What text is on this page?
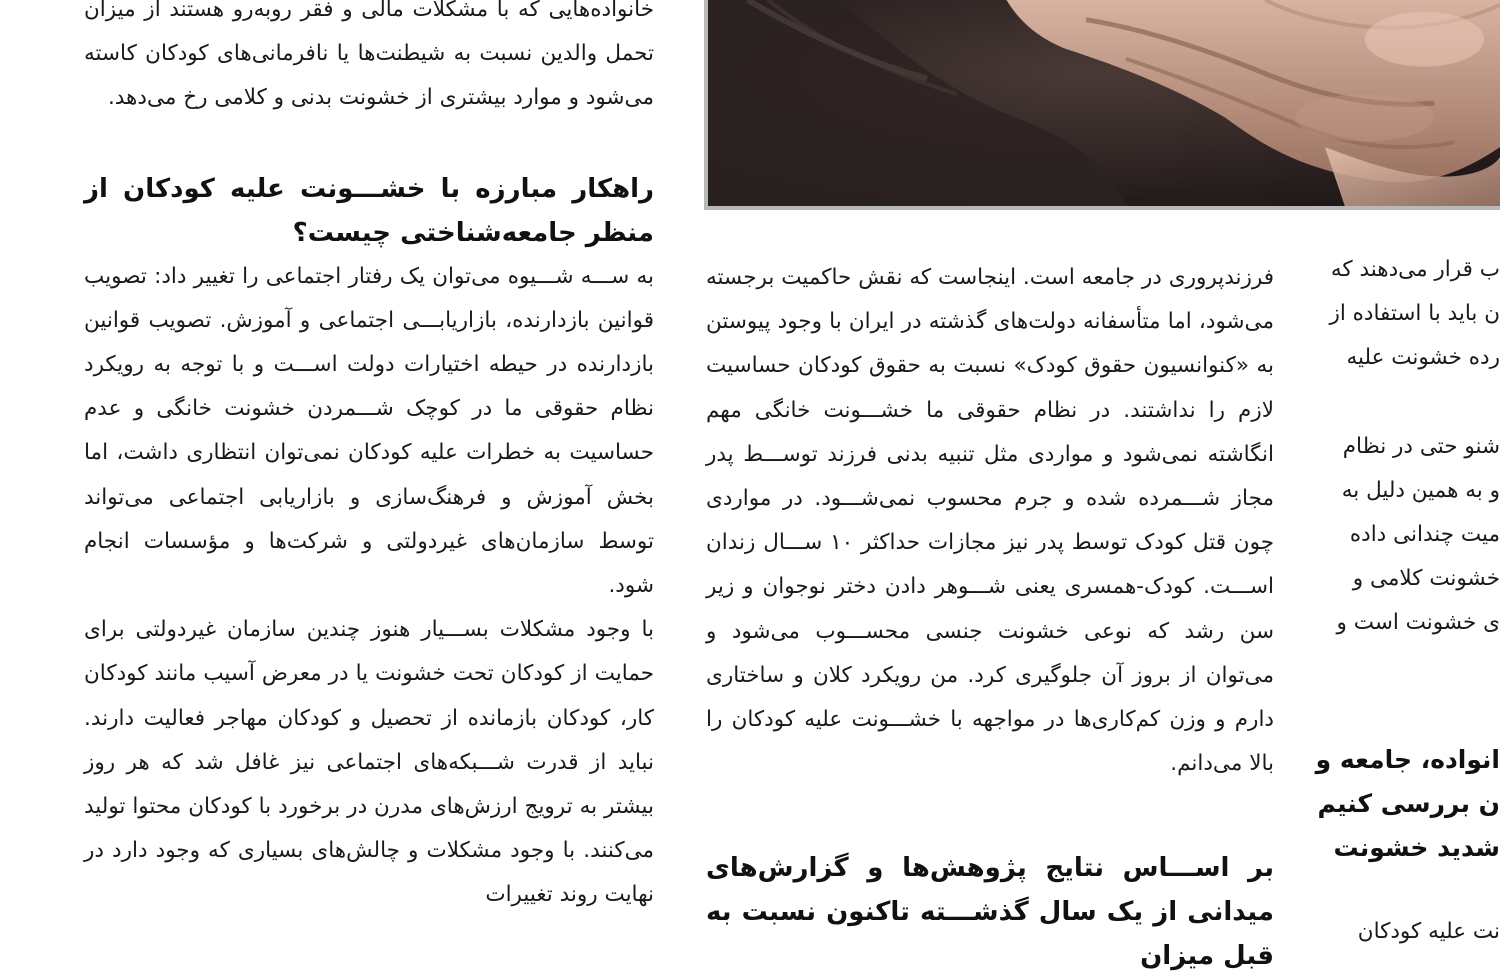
خانواده‌هایی که با مشکلات مالی و فقر روبه‌رو هستند از میزان تحمل والدین نسبت به شیطنت‌ها یا نافرمانی‌های کودکان کاسته می‌شود و موارد بیشتری از خشونت بدنی و کلامی رخ می‌دهد.

راهکار مبارزه با خشـــونت علیه کودکان از منظر جامعه‌شناختی چیست؟

به ســـه شـــیوه می‌توان یک رفتار اجتماعی را تغییر داد: تصویب قوانین بازدارنده، بازاریابـــی اجتماعی و آموزش. تصویب قوانین بازدارنده در حیطه اختیارات دولت اســـت و با توجه به رویکرد نظام حقوقی ما در کوچک شـــمردن خشونت خانگی و عدم حساسیت به خطرات علیه کودکان نمی‌توان انتظاری داشت، اما بخش آموزش و فرهنگ‌سازی و بازاریابی اجتماعی می‌تواند توسط سازمان‌های غیردولتی و شرکت‌ها و مؤسسات انجام شود.

با وجود مشکلات بســـیار هنوز چندین سازمان غیردولتی برای حمایت از کودکان تحت خشونت یا در معرض آسیب مانند کودکان کار، کودکان بازمانده از تحصیل و کودکان مهاجر فعالیت دارند. نباید از قدرت شـــبکه‌های اجتماعی نیز غافل شد که هر روز بیشتر به ترویج ارزش‌های مدرن در برخورد با کودکان محتوا تولید می‌کنند. با وجود مشکلات و چالش‌های بسیاری که وجود دارد در نهایت روند تغییرات

فرزندپروری در جامعه است. اینجاست که نقش حاکمیت برجسته می‌شود، اما متأسفانه دولت‌های گذشته در ایران با وجود پیوستن به «کنوانسیون حقوق کودک» نسبت به حقوق کودکان حساسیت لازم را نداشتند. در نظام حقوقی ما خشـــونت خانگی مهم انگاشته نمی‌شود و مواردی مثل تنبیه بدنی فرزند توســـط پدر مجاز شـــمرده شده و جرم محسوب نمی‌شـــود. در مواردی چون قتل کودک توسط پدر نیز مجازات حداکثر ۱۰ ســـال زندان اســـت. کودک-همسری یعنی شـــوهر دادن دختر نوجوان و زیر سن رشد که نوعی خشونت جنسی محســـوب می‌شود و می‌توان از بروز آن جلوگیری کرد. من رویکرد کلان و ساختاری دارم و وزن کم‌کاری‌ها در مواجهه با خشـــونت علیه کودکان را بالا می‌دانم.

بر اســـاس نتایج پژوهش‌ها و گزارش‌های میدانی از یک سال گذشـــته تاکنون نسبت به قبل میزان

ب قرار می‌دهند که
ن باید با استفاده از
رده خشونت علیه
شنو حتی در نظام
و به همین دلیل به
میت چندانی داده
خشونت کلامی و
ی خشونت است و
انواده، جامعه و
ن بررسی کنیم
شدید خشونت
نت علیه کودکان
